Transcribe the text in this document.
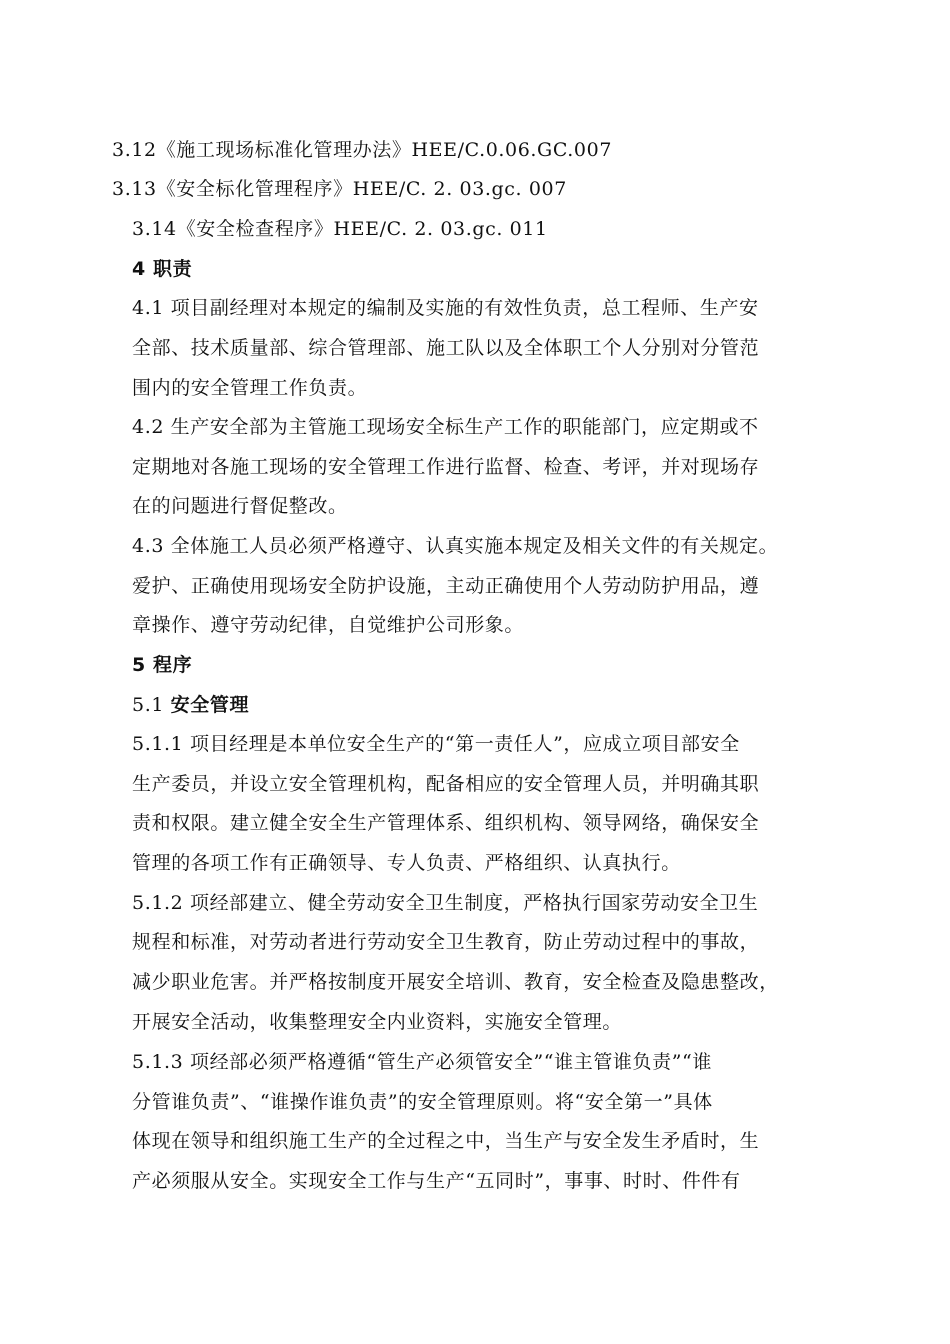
3.12《施工现场标准化管理办法》HEE/C.0.06.GC.007
3.13《安全标化管理程序》HEE/C. 2. 03.gc. 007
3.14《安全检查程序》HEE/C. 2. 03.gc. 011
4 职责
4.1 项目副经理对本规定的编制及实施的有效性负责，总工程师、生产安
全部、技术质量部、综合管理部、施工队以及全体职工个人分别对分管范
围内的安全管理工作负责。
4.2 生产安全部为主管施工现场安全标生产工作的职能部门，应定期或不
定期地对各施工现场的安全管理工作进行监督、检查、考评，并对现场存
在的问题进行督促整改。
4.3 全体施工人员必须严格遵守、认真实施本规定及相关文件的有关规定。
爱护、正确使用现场安全防护设施，主动正确使用个人劳动防护用品，遵
章操作、遵守劳动纪律，自觉维护公司形象。
5 程序
5.1 安全管理
5.1.1 项目经理是本单位安全生产的“第一责任人”，应成立项目部安全
生产委员，并设立安全管理机构，配备相应的安全管理人员，并明确其职
责和权限。建立健全安全生产管理体系、组织机构、领导网络，确保安全
管理的各项工作有正确领导、专人负责、严格组织、认真执行。
5.1.2 项经部建立、健全劳动安全卫生制度，严格执行国家劳动安全卫生
规程和标准，对劳动者进行劳动安全卫生教育，防止劳动过程中的事故，
减少职业危害。并严格按制度开展安全培训、教育，安全检查及隐患整改，
开展安全活动，收集整理安全内业资料，实施安全管理。
5.1.3 项经部必须严格遵循“管生产必须管安全”“谁主管谁负责”“谁
分管谁负责”、“谁操作谁负责”的安全管理原则。将“安全第一”具体
体现在领导和组织施工生产的全过程之中，当生产与安全发生矛盾时，生
产必须服从安全。实现安全工作与生产“五同时”，事事、时时、件件有
